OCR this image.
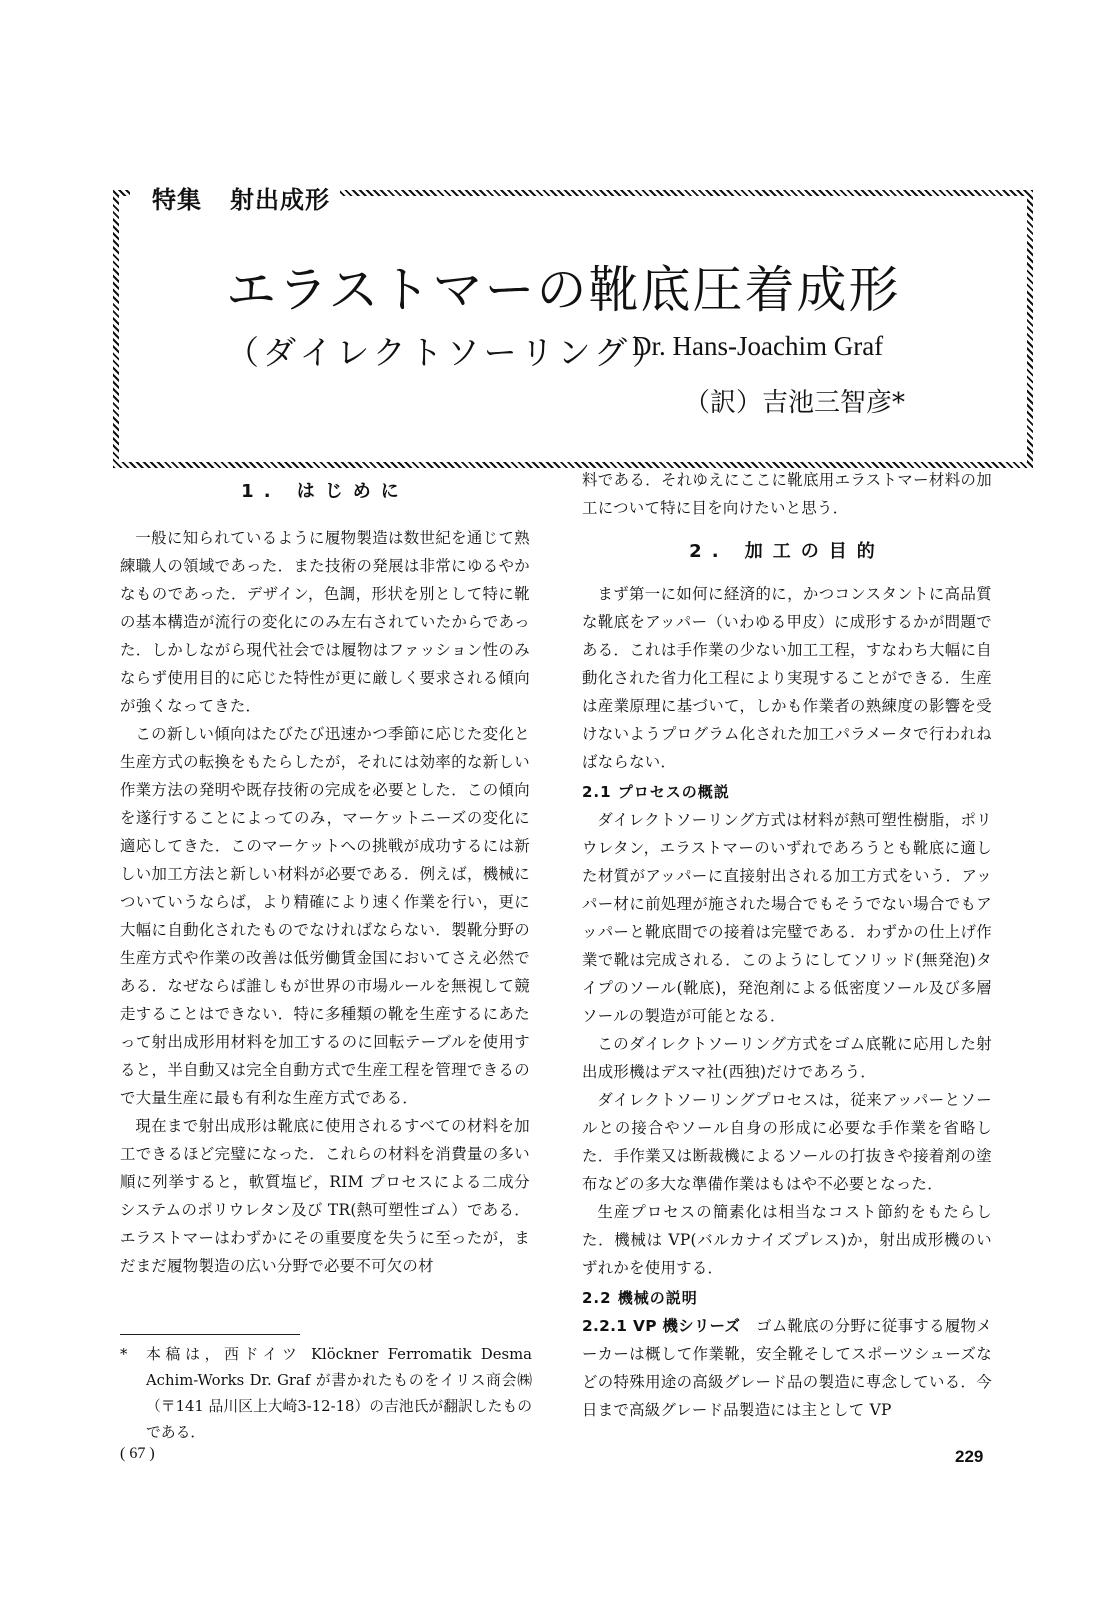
特集 射出成形
エラストマーの靴底圧着成形
（ダイレクトソーリング）
Dr. Hans-Joachim Graf
（訳）吉池三智彦*
1. はじめに

一般に知られているように履物製造は数世紀を通じて熟練職人の領域であった．また技術の発展は非常にゆるやかなものであった．デザイン，色調，形状を別として特に靴の基本構造が流行の変化にのみ左右されていたからであった．しかしながら現代社会では履物はファッション性のみならず使用目的に応じた特性が更に厳しく要求される傾向が強くなってきた．

この新しい傾向はたびたび迅速かつ季節に応じた変化と生産方式の転換をもたらしたが，それには効率的な新しい作業方法の発明や既存技術の完成を必要とした．この傾向を遂行することによってのみ，マーケットニーズの変化に適応してきた．このマーケットへの挑戦が成功するには新しい加工方法と新しい材料が必要である．例えば，機械についていうならば，より精確により速く作業を行い，更に大幅に自動化されたものでなければならない．製靴分野の生産方式や作業の改善は低労働賃金国においてさえ必然である．なぜならば誰しもが世界の市場ルールを無視して競走することはできない．特に多種類の靴を生産するにあたって射出成形用材料を加工するのに回転テーブルを使用すると，半自動又は完全自動方式で生産工程を管理できるので大量生産に最も有利な生産方式である．

現在まで射出成形は靴底に使用されるすべての材料を加工できるほど完璧になった．これらの材料を消費量の多い順に列挙すると，軟質塩ビ，RIM プロセスによる二成分システムのポリウレタン及び TR(熱可塑性ゴム）である．エラストマーはわずかにその重要度を失うに至ったが，まだまだ履物製造の広い分野で必要不可欠の材

料である．それゆえにここに靴底用エラストマー材料の加工について特に目を向けたいと思う．

2. 加工の目的

まず第一に如何に経済的に，かつコンスタントに高品質な靴底をアッパー（いわゆる甲皮）に成形するかが問題である．これは手作業の少ない加工工程，すなわち大幅に自動化された省力化工程により実現することができる．生産は産業原理に基づいて，しかも作業者の熟練度の影響を受けないようプログラム化された加工パラメータで行われねばならない．

2.1 プロセスの概説

ダイレクトソーリング方式は材料が熱可塑性樹脂，ポリウレタン，エラストマーのいずれであろうとも靴底に適した材質がアッパーに直接射出される加工方式をいう．アッパー材に前処理が施された場合でもそうでない場合でもアッパーと靴底間での接着は完璧である．わずかの仕上げ作業で靴は完成される．このようにしてソリッド(無発泡)タイプのソール(靴底)，発泡剤による低密度ソール及び多層ソールの製造が可能となる．

このダイレクトソーリング方式をゴム底靴に応用した射出成形機はデスマ社(西独)だけであろう．

ダイレクトソーリングプロセスは，従来アッパーとソールとの接合やソール自身の形成に必要な手作業を省略した．手作業又は断裁機によるソールの打抜きや接着剤の塗布などの多大な準備作業はもはや不必要となった．

生産プロセスの簡素化は相当なコスト節約をもたらした．機械は VP(バルカナイズプレス)か，射出成形機のいずれかを使用する．

2.2 機械の説明

2.2.1 VP 機シリーズ　 ゴム靴底の分野に従事する履物メーカーは概して作業靴，安全靴そしてスポーツシューズなどの特殊用途の高級グレード品の製造に専念している．今日まで高級グレード品製造には主として VP

* 本稿は，西ドイツ Klöckner Ferromatik Desma Achim-Works Dr. Graf が書かれたものをイリス商会㈱（〒141 品川区上大崎3-12-18）の吉池氏が翻訳したものである．
( 67 )	229
